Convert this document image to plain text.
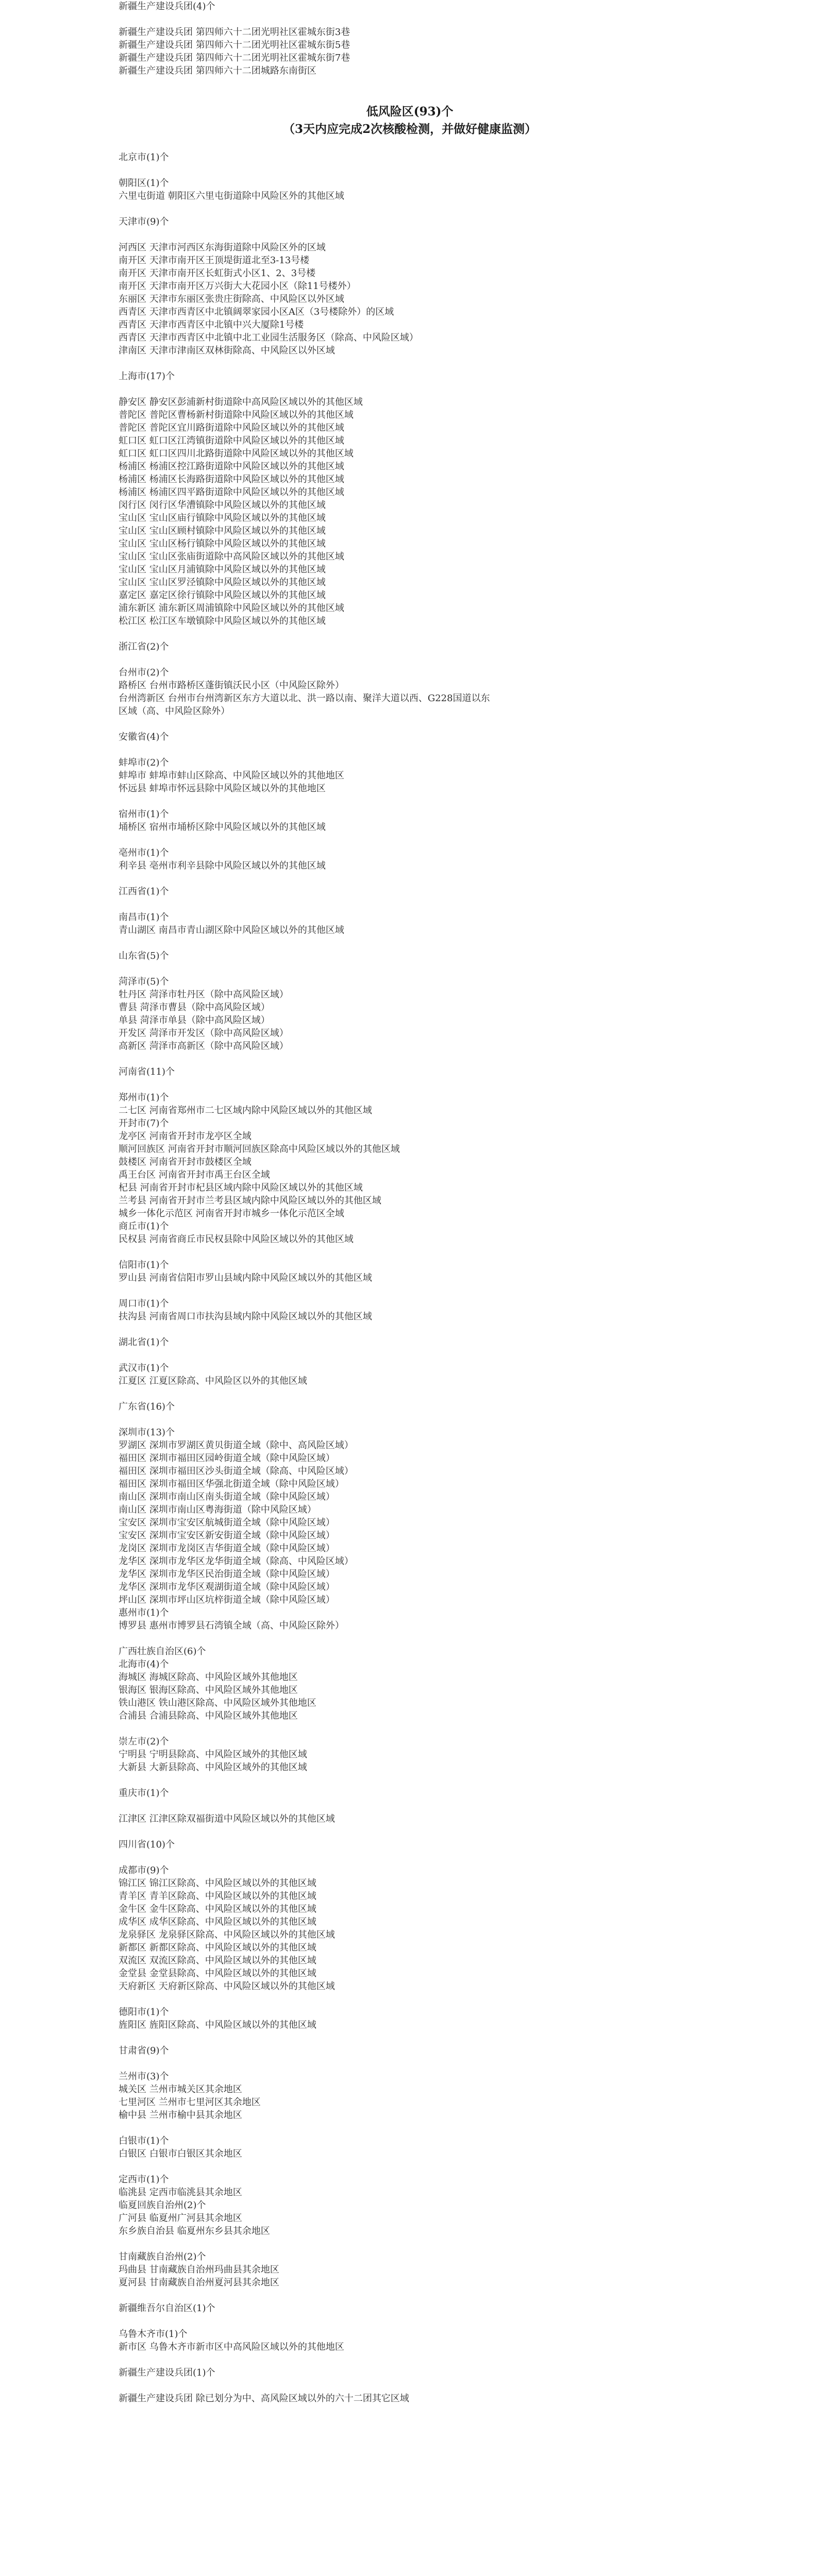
新疆生产建设兵团(4)个

新疆生产建设兵团 第四师六十二团光明社区霍城东街3巷

新疆生产建设兵团 第四师六十二团光明社区霍城东街5巷

新疆生产建设兵团 第四师六十二团光明社区霍城东街7巷

新疆生产建设兵团 第四师六十二团城路东南街区

低风险区(93)个
（3天内应完成2次核酸检测，并做好健康监测）

北京市(1)个

朝阳区(1)个

六里屯街道 朝阳区六里屯街道除中风险区外的其他区域

天津市(9)个

河西区 天津市河西区东海街道除中风险区外的区域

南开区 天津市南开区王顶堤街道北至3-13号楼

南开区 天津市南开区长虹街式小区1、2、3号楼

南开区 天津市南开区万兴街大大花园小区（除11号楼外）

东丽区 天津市东丽区张贵庄街除高、中风险区以外区域

西青区 天津市西青区中北镇阔翠家园小区A区（3号楼除外）的区域

西青区 天津市西青区中北镇中兴大厦除1号楼

西青区 天津市西青区中北镇中北工业园生活服务区（除高、中风险区域）

津南区 天津市津南区双林街除高、中风险区以外区域

上海市(17)个

静安区 静安区彭浦新村街道除中高风险区域以外的其他区域

普陀区 普陀区曹杨新村街道除中风险区域以外的其他区域

普陀区 普陀区宜川路街道除中风险区域以外的其他区域

虹口区 虹口区江湾镇街道除中风险区域以外的其他区域

虹口区 虹口区四川北路街道除中风险区域以外的其他区域

杨浦区 杨浦区控江路街道除中风险区域以外的其他区域

杨浦区 杨浦区长海路街道除中风险区域以外的其他区域

杨浦区 杨浦区四平路街道除中风险区域以外的其他区域

闵行区 闵行区华漕镇除中风险区域以外的其他区域

宝山区 宝山区庙行镇除中风险区域以外的其他区域

宝山区 宝山区顾村镇除中风险区域以外的其他区域

宝山区 宝山区杨行镇除中风险区域以外的其他区域

宝山区 宝山区张庙街道除中高风险区域以外的其他区域

宝山区 宝山区月浦镇除中风险区域以外的其他区域

宝山区 宝山区罗泾镇除中风险区域以外的其他区域

嘉定区 嘉定区徐行镇除中风险区域以外的其他区域

浦东新区 浦东新区周浦镇除中风险区域以外的其他区域

松江区 松江区车墩镇除中风险区域以外的其他区域

浙江省(2)个

台州市(2)个

路桥区 台州市路桥区蓬街镇沃民小区（中风险区除外）

台州湾新区 台州市台州湾新区东方大道以北、洪一路以南、聚洋大道以西、G228国道以东

区域（高、中风险区除外）

安徽省(4)个

蚌埠市(2)个

蚌埠市 蚌埠市蚌山区除高、中风险区域以外的其他地区

怀远县 蚌埠市怀远县除中风险区域以外的其他地区

宿州市(1)个

埇桥区 宿州市埇桥区除中风险区域以外的其他区域

亳州市(1)个

利辛县 亳州市利辛县除中风险区域以外的其他区域

江西省(1)个

南昌市(1)个

青山湖区 南昌市青山湖区除中风险区域以外的其他区域

山东省(5)个

菏泽市(5)个

牡丹区 菏泽市牡丹区（除中高风险区域）

曹县 菏泽市曹县（除中高风险区域）

单县 菏泽市单县（除中高风险区域）

开发区 菏泽市开发区（除中高风险区域）

高新区 菏泽市高新区（除中高风险区域）

河南省(11)个

郑州市(1)个

二七区 河南省郑州市二七区域内除中风险区域以外的其他区域

开封市(7)个

龙亭区 河南省开封市龙亭区全域

顺河回族区 河南省开封市顺河回族区除高中风险区域以外的其他区域

鼓楼区 河南省开封市鼓楼区全域

禹王台区 河南省开封市禹王台区全域

杞县 河南省开封市杞县区域内除中风险区域以外的其他区域

兰考县 河南省开封市兰考县区域内除中风险区域以外的其他区域

城乡一体化示范区 河南省开封市城乡一体化示范区全域

商丘市(1)个

民权县 河南省商丘市民权县除中风险区域以外的其他区域

信阳市(1)个

罗山县 河南省信阳市罗山县域内除中风险区域以外的其他区域

周口市(1)个

扶沟县 河南省周口市扶沟县域内除中风险区域以外的其他区域

湖北省(1)个

武汉市(1)个

江夏区 江夏区除高、中风险区以外的其他区域

广东省(16)个

深圳市(13)个

罗湖区 深圳市罗湖区黄贝街道全域（除中、高风险区域）

福田区 深圳市福田区园岭街道全域（除中风险区域）

福田区 深圳市福田区沙头街道全域（除高、中风险区域）

福田区 深圳市福田区华强北街道全域（除中风险区域）

南山区 深圳市南山区南头街道全域（除中风险区域）

南山区 深圳市南山区粤海街道（除中风险区域）

宝安区 深圳市宝安区航城街道全域（除中风险区域）

宝安区 深圳市宝安区新安街道全域（除中风险区域）

龙岗区 深圳市龙岗区吉华街道全域（除中风险区域）

龙华区 深圳市龙华区龙华街道全域（除高、中风险区域）

龙华区 深圳市龙华区民治街道全域（除中风险区域）

龙华区 深圳市龙华区观湖街道全域（除中风险区域）

坪山区 深圳市坪山区坑梓街道全域（除中风险区域）

惠州市(1)个

博罗县 惠州市博罗县石湾镇全域（高、中风险区除外）

广西壮族自治区(6)个

北海市(4)个

海城区 海城区除高、中风险区域外其他地区

银海区 银海区除高、中风险区域外其他地区

铁山港区 铁山港区除高、中风险区域外其他地区

合浦县 合浦县除高、中风险区域外其他地区

崇左市(2)个

宁明县 宁明县除高、中风险区域外的其他区域

大新县 大新县除高、中风险区域外的其他区域

重庆市(1)个

江津区 江津区除双福街道中风险区域以外的其他区域

四川省(10)个

成都市(9)个

锦江区 锦江区除高、中风险区域以外的其他区域

青羊区 青羊区除高、中风险区域以外的其他区域

金牛区 金牛区除高、中风险区域以外的其他区域

成华区 成华区除高、中风险区域以外的其他区域

龙泉驿区 龙泉驿区除高、中风险区域以外的其他区域

新都区 新都区除高、中风险区域以外的其他区域

双流区 双流区除高、中风险区域以外的其他区域

金堂县 金堂县除高、中风险区域以外的其他区域

天府新区 天府新区除高、中风险区域以外的其他区域

德阳市(1)个

旌阳区 旌阳区除高、中风险区域以外的其他区域

甘肃省(9)个

兰州市(3)个

城关区 兰州市城关区其余地区

七里河区 兰州市七里河区其余地区

榆中县 兰州市榆中县其余地区

白银市(1)个

白银区 白银市白银区其余地区

定西市(1)个

临洮县 定西市临洮县其余地区

临夏回族自治州(2)个

广河县 临夏州广河县其余地区

东乡族自治县 临夏州东乡县其余地区

甘南藏族自治州(2)个

玛曲县 甘南藏族自治州玛曲县其余地区

夏河县 甘南藏族自治州夏河县其余地区

新疆维吾尔自治区(1)个

乌鲁木齐市(1)个

新市区 乌鲁木齐市新市区中高风险区域以外的其他地区

新疆生产建设兵团(1)个

新疆生产建设兵团 除已划分为中、高风险区域以外的六十二团其它区域
